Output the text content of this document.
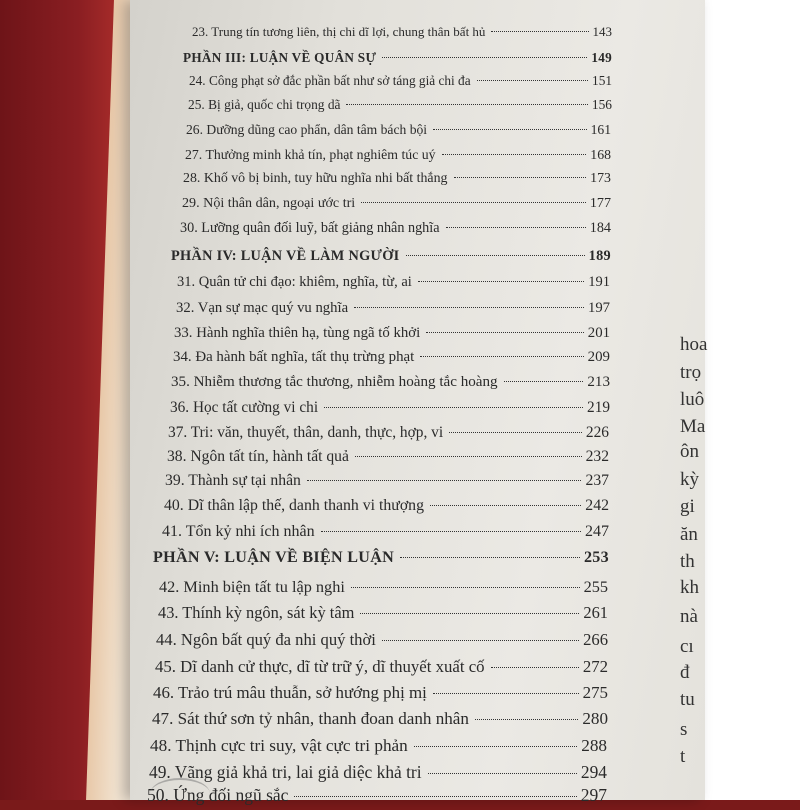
23. Trung tín tương liên, thị chi dĩ lợi, chung thân bất hủ	143
PHẦN III: LUẬN VỀ QUÂN SỰ	149
24. Công phạt sở đắc phần bất như sở táng giả chi đa	151
25. Bị giả, quốc chi trọng dã	156
26. Dưỡng dũng cao phẩn, dân tâm bách bội	161
27. Thưởng minh khả tín, phạt nghiêm túc uý	168
28. Khố vô bị binh, tuy hữu nghĩa nhi bất thắng	173
29. Nội thân dân, ngoại ước tri	177
30. Lưỡng quân đối luỹ, bất giảng nhân nghĩa	184
PHẦN IV: LUẬN VỀ LÀM NGƯỜI	189
31. Quân tử chi đạo: khiêm, nghĩa, từ, ai	191
32. Vạn sự mạc quý vu nghĩa	197
33. Hành nghĩa thiên hạ, tùng ngã tố khởi	201
34. Đa hành bất nghĩa, tất thụ trừng phạt	209
35. Nhiễm thương tắc thương, nhiễm hoàng tắc hoàng	213
36. Học tất cường vi chi	219
37. Tri: văn, thuyết, thân, danh, thực, hợp, vi	226
38. Ngôn tất tín, hành tất quả	232
39. Thành sự tại nhân	237
40. Dĩ thân lập thế, danh thanh vi thượng	242
41. Tổn kỷ nhi ích nhân	247
PHẦN V: LUẬN VỀ BIỆN LUẬN	253
42. Minh biện tất tu lập nghi	255
43. Thính kỳ ngôn, sát kỳ tâm	261
44. Ngôn bất quý đa nhi quý thời	266
45. Dĩ danh cử thực, dĩ từ trữ ý, dĩ thuyết xuất cố	272
46. Trảo trú mâu thuẫn, sở hướng phị mị	275
47. Sát thứ sơn tỷ nhân, thanh đoan danh nhân	280
48. Thịnh cực tri suy, vật cực tri phản	288
49. Vãng giả khả tri, lai giả diệc khả tri	294
50. Ứng đối ngũ sắc	297
hoa
trọ
luô
Ma
ôn
kỳ
gi
ăn
th
kh
nà
cı
đ
tu
s
t
